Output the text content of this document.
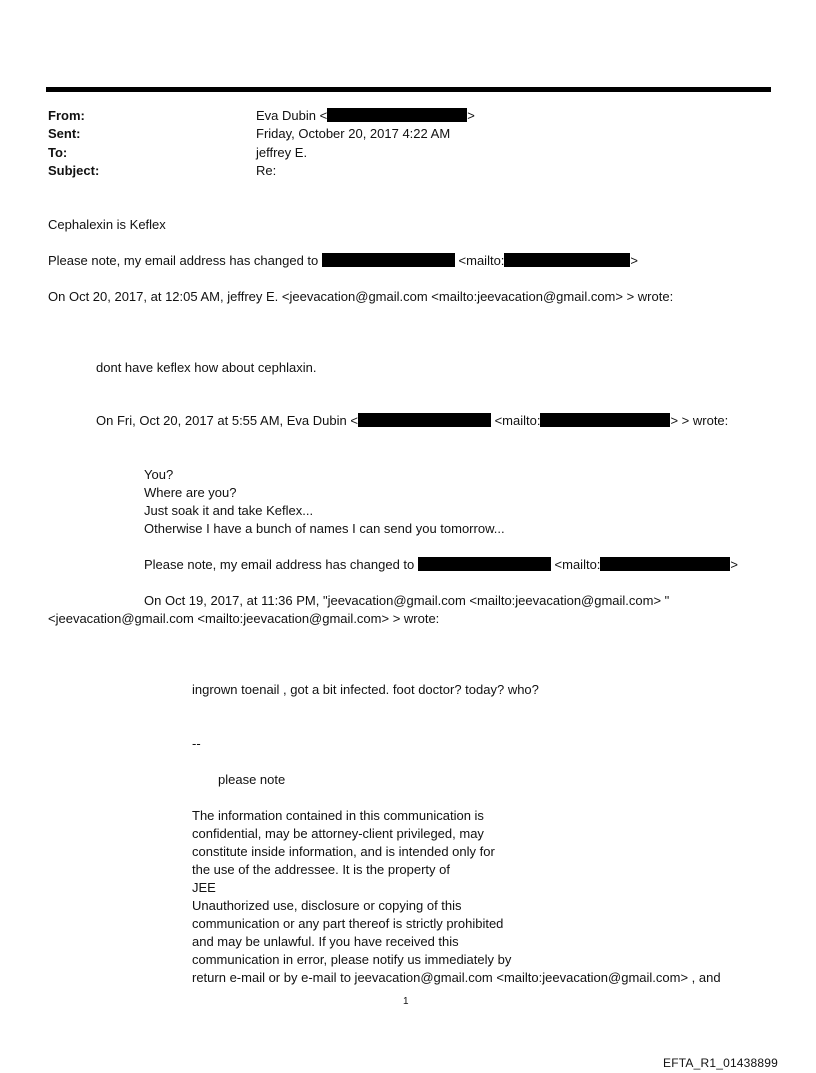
From:	Eva Dubin <	>
Sent:	Friday, October 20, 2017 4:22 AM
To:	jeffrey E.
Subject:	Re:
Cephalexin is Keflex
Please note, my email address has changed to	<mailto:	>
On Oct 20, 2017, at 12:05 AM, jeffrey E. <jeevacation@gmail.com <mailto:jeevacation@gmail.com> > wrote:
dont have keflex how about cephlaxin.
On Fri, Oct 20, 2017 at 5:55 AM, Eva Dubin <	<mailto:	> > wrote:
You?
Where are you?
Just soak it and take Keflex...
Otherwise I have a bunch of names I can send you tomorrow...
Please note, my email address has changed to	<mailto:	>
On Oct 19, 2017, at 11:36 PM, "jeevacation@gmail.com <mailto:jeevacation@gmail.com> "
<jeevacation@gmail.com <mailto:jeevacation@gmail.com> > wrote:
ingrown toenail , got a bit infected. foot doctor? today? who?
--
please note
The information contained in this communication is
confidential, may be attorney-client privileged, may
constitute inside information, and is intended only for
the use of the addressee. It is the property of
JEE
Unauthorized use, disclosure or copying of this
communication or any part thereof is strictly prohibited
and may be unlawful. If you have received this
communication in error, please notify us immediately by
return e-mail or by e-mail to jeevacation@gmail.com <mailto:jeevacation@gmail.com> , and
1
EFTA_R1_01438899
